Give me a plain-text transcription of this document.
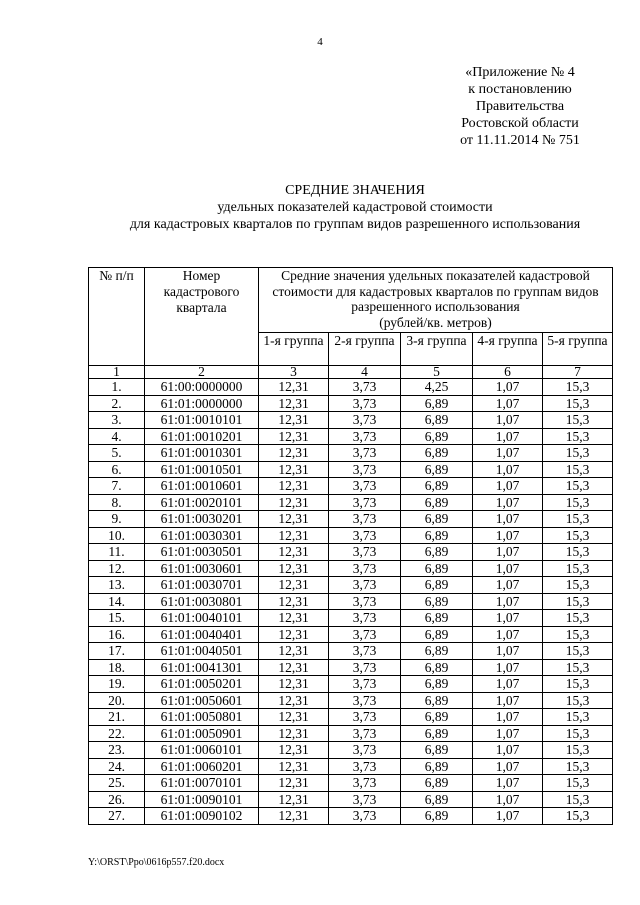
4
«Приложение № 4
к постановлению
Правительства
Ростовской области
от 11.11.2014 № 751
СРЕДНИЕ ЗНАЧЕНИЯ
удельных показателей кадастровой стоимости
для кадастровых кварталов по группам видов разрешенного использования
№ п/п	Номер кадастрового квартала	Средние значения удельных показателей кадастровой стоимости для кадастровых кварталов по группам видов разрешенного использования
(рублей/кв. метров)				
		1-я группа	2-я группа	3-я группа	4-я группа	5-я группа
1	2	3	4	5	6	7
1.	61:00:0000000	12,31	3,73	4,25	1,07	15,3
2.	61:01:0000000	12,31	3,73	6,89	1,07	15,3
3.	61:01:0010101	12,31	3,73	6,89	1,07	15,3
4.	61:01:0010201	12,31	3,73	6,89	1,07	15,3
5.	61:01:0010301	12,31	3,73	6,89	1,07	15,3
6.	61:01:0010501	12,31	3,73	6,89	1,07	15,3
7.	61:01:0010601	12,31	3,73	6,89	1,07	15,3
8.	61:01:0020101	12,31	3,73	6,89	1,07	15,3
9.	61:01:0030201	12,31	3,73	6,89	1,07	15,3
10.	61:01:0030301	12,31	3,73	6,89	1,07	15,3
11.	61:01:0030501	12,31	3,73	6,89	1,07	15,3
12.	61:01:0030601	12,31	3,73	6,89	1,07	15,3
13.	61:01:0030701	12,31	3,73	6,89	1,07	15,3
14.	61:01:0030801	12,31	3,73	6,89	1,07	15,3
15.	61:01:0040101	12,31	3,73	6,89	1,07	15,3
16.	61:01:0040401	12,31	3,73	6,89	1,07	15,3
17.	61:01:0040501	12,31	3,73	6,89	1,07	15,3
18.	61:01:0041301	12,31	3,73	6,89	1,07	15,3
19.	61:01:0050201	12,31	3,73	6,89	1,07	15,3
20.	61:01:0050601	12,31	3,73	6,89	1,07	15,3
21.	61:01:0050801	12,31	3,73	6,89	1,07	15,3
22.	61:01:0050901	12,31	3,73	6,89	1,07	15,3
23.	61:01:0060101	12,31	3,73	6,89	1,07	15,3
24.	61:01:0060201	12,31	3,73	6,89	1,07	15,3
25.	61:01:0070101	12,31	3,73	6,89	1,07	15,3
26.	61:01:0090101	12,31	3,73	6,89	1,07	15,3
27.	61:01:0090102	12,31	3,73	6,89	1,07	15,3
Y:\ORST\Ppo\0616p557.f20.docx
